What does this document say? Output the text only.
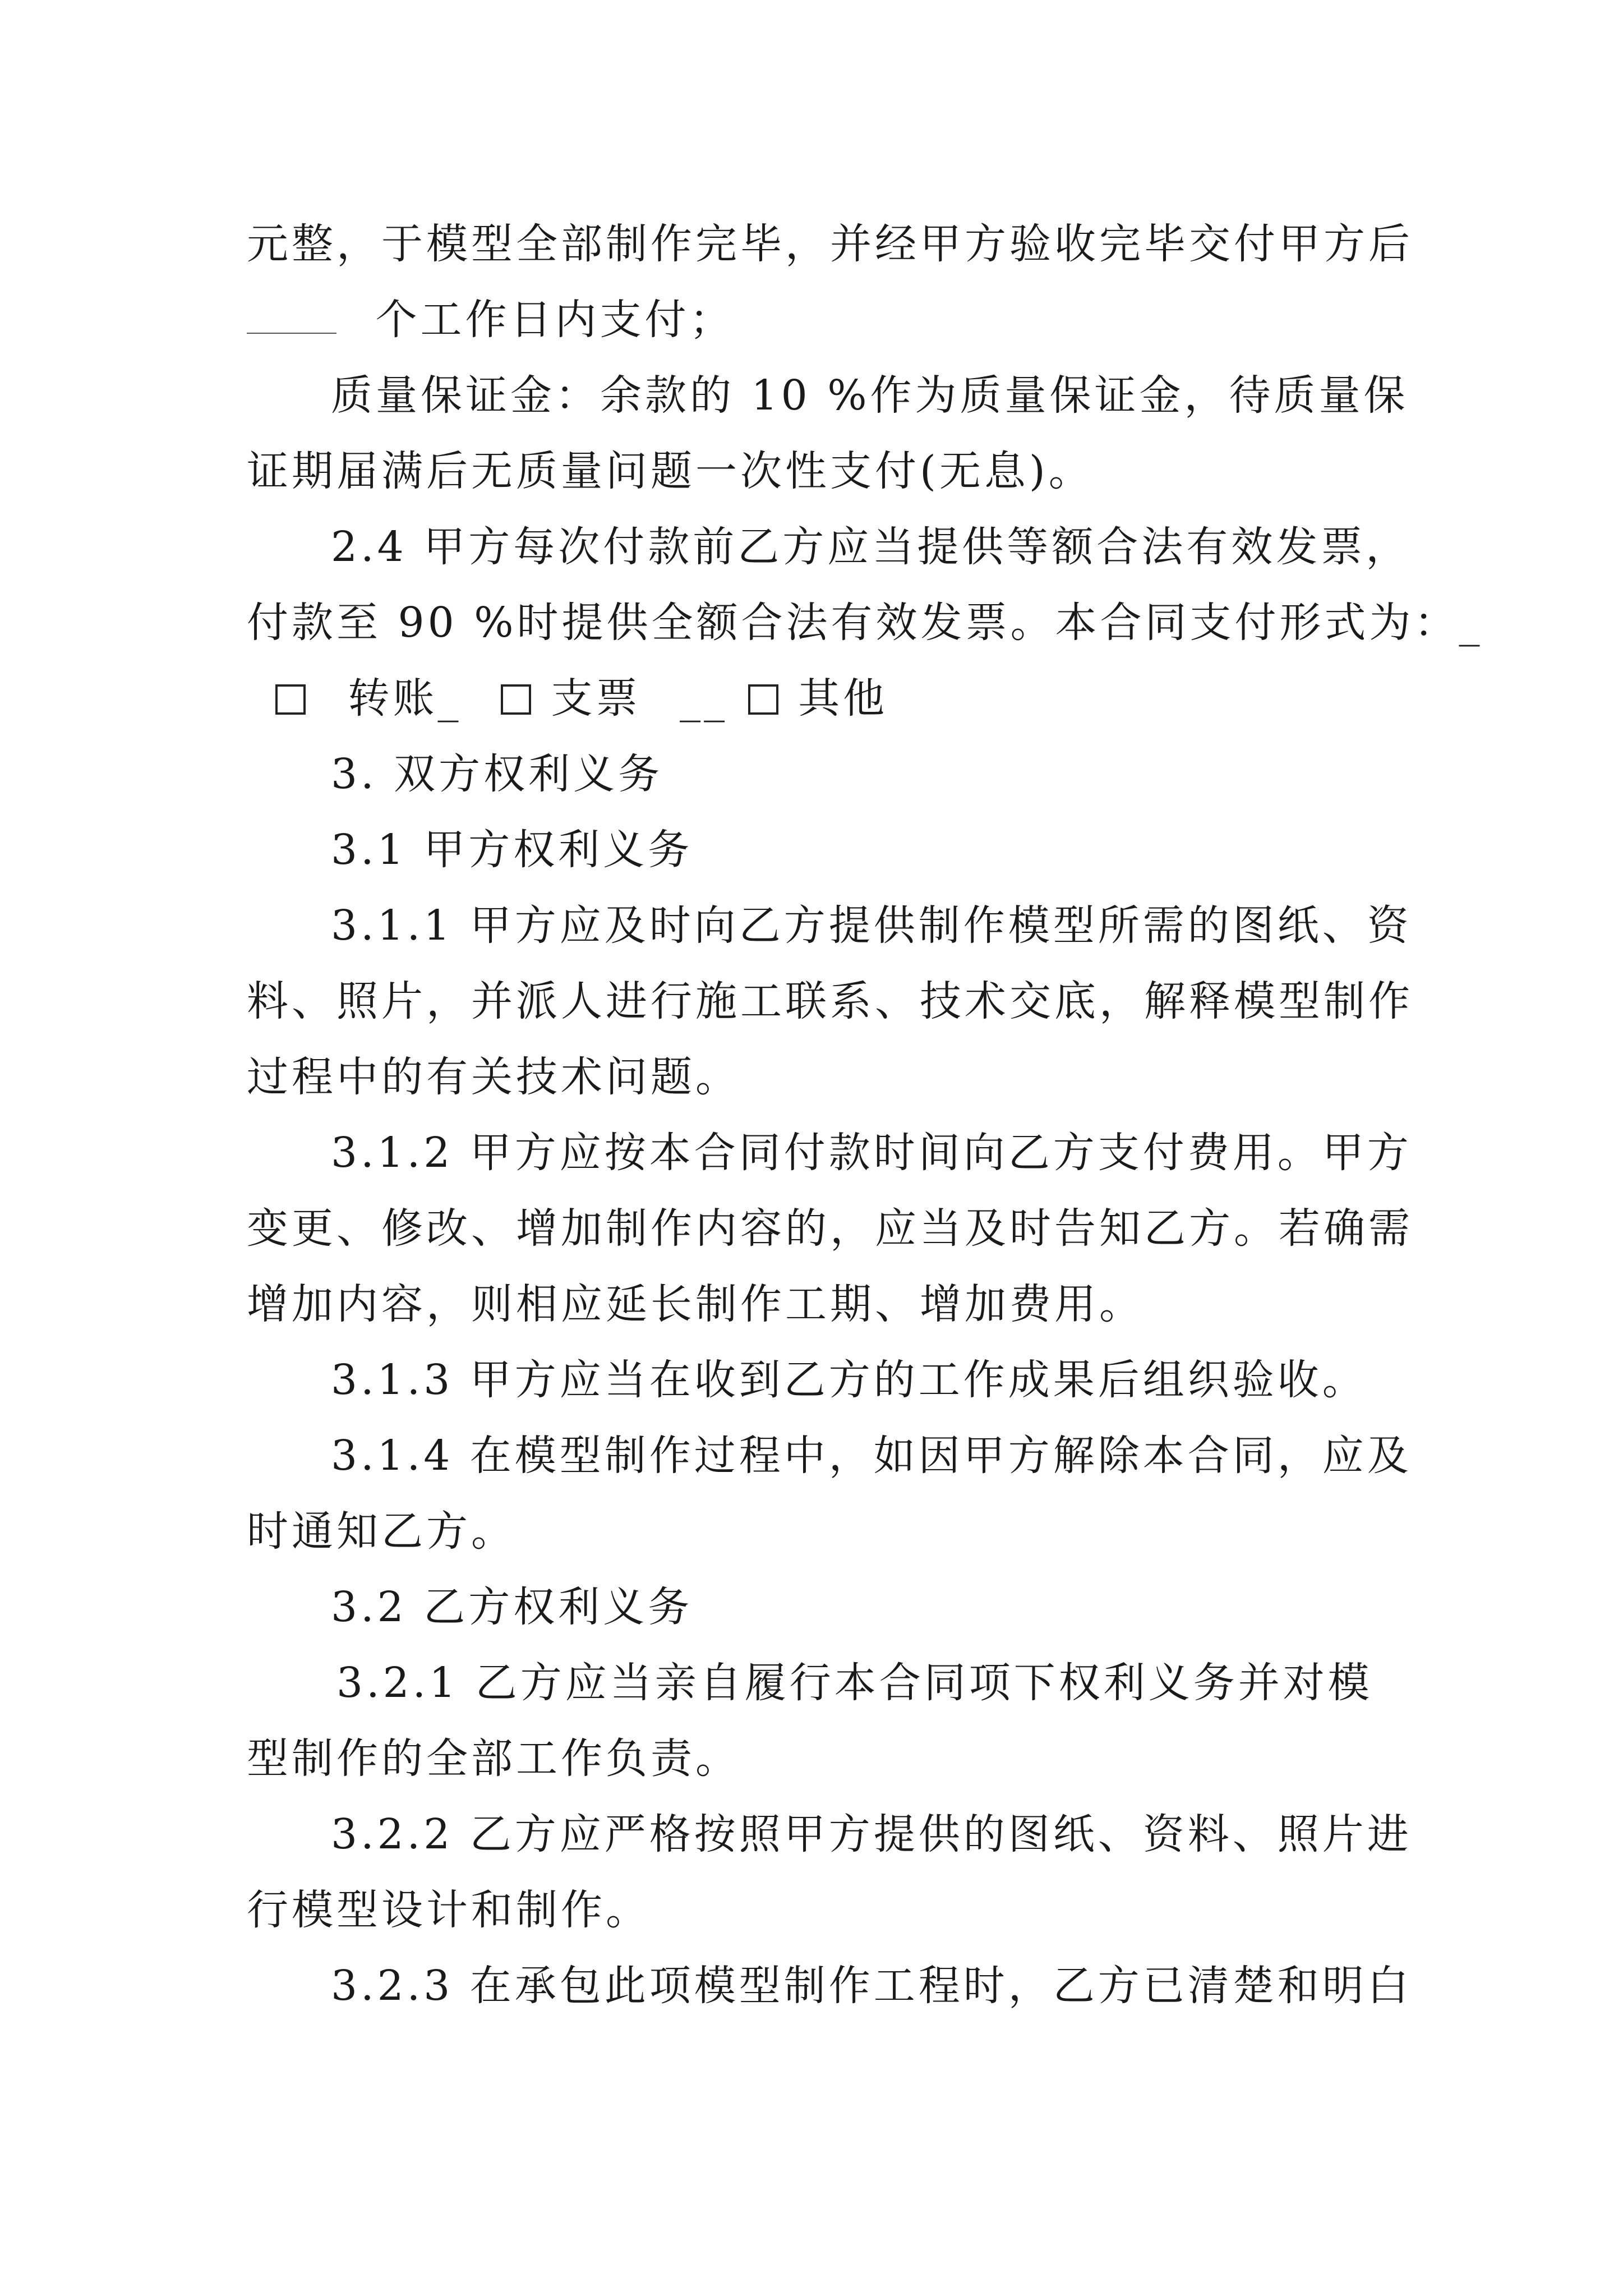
元整，于模型全部制作完毕，并经甲方验收完毕交付甲方后
个工作日内支付；
质量保证金：余款的 10 %作为质量保证金，待质量保
证期届满后无质量问题一次性支付(无息)。
2.4 甲方每次付款前乙方应当提供等额合法有效发票，
付款至 90 %时提供全额合法有效发票。本合同支付形式为：_
转账_ 支票 __ 其他
3. 双方权利义务
3.1 甲方权利义务
3.1.1 甲方应及时向乙方提供制作模型所需的图纸、资
料、照片，并派人进行施工联系、技术交底，解释模型制作
过程中的有关技术问题。
3.1.2 甲方应按本合同付款时间向乙方支付费用。甲方
变更、修改、增加制作内容的，应当及时告知乙方。若确需
增加内容，则相应延长制作工期、增加费用。
3.1.3 甲方应当在收到乙方的工作成果后组织验收。
3.1.4 在模型制作过程中，如因甲方解除本合同，应及
时通知乙方。
3.2 乙方权利义务
3.2.1 乙方应当亲自履行本合同项下权利义务并对模
型制作的全部工作负责。
3.2.2 乙方应严格按照甲方提供的图纸、资料、照片进
行模型设计和制作。
3.2.3 在承包此项模型制作工程时，乙方已清楚和明白
